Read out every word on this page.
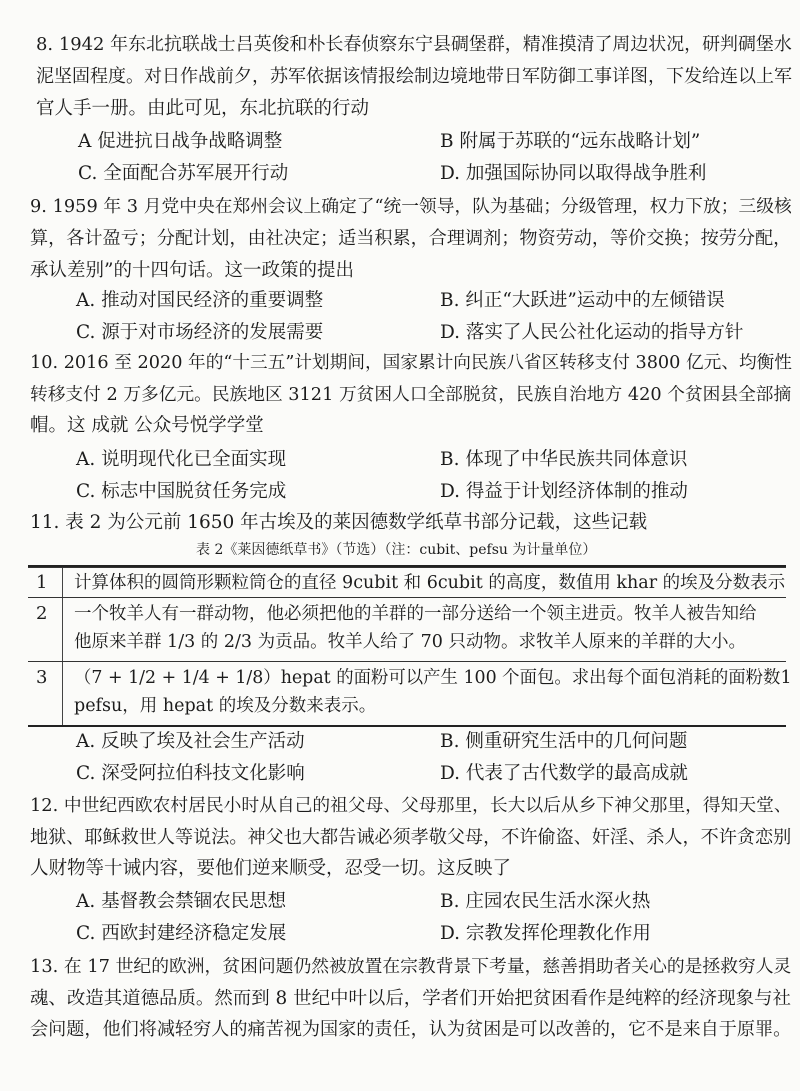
8. 1942 年东北抗联战士吕英俊和朴长春侦察东宁县碉堡群，精准摸清了周边状况，研判碉堡水
泥坚固程度。对日作战前夕，苏军依据该情报绘制边境地带日军防御工事详图，下发给连以上军
官人手一册。由此可见，东北抗联的行动
A 促进抗日战争战略调整	B 附属于苏联的“远东战略计划”
C. 全面配合苏军展开行动	D. 加强国际协同以取得战争胜利
9. 1959 年 3 月党中央在郑州会议上确定了“统一领导，队为基础；分级管理，权力下放；三级核
算，各计盈亏；分配计划，由社决定；适当积累，合理调剂；物资劳动，等价交换；按劳分配，
承认差别”的十四句话。这一政策的提出
A. 推动对国民经济的重要调整	B. 纠正“大跃进”运动中的左倾错误
C. 源于对市场经济的发展需要	D. 落实了人民公社化运动的指导方针
10. 2016 至 2020 年的“十三五”计划期间，国家累计向民族八省区转移支付 3800 亿元、均衡性
转移支付 2 万多亿元。民族地区 3121 万贫困人口全部脱贫，民族自治地方 420 个贫困县全部摘
帽。这 成就 公众号悦学学堂
A. 说明现代化已全面实现	B. 体现了中华民族共同体意识
C. 标志中国脱贫任务完成	D. 得益于计划经济体制的推动
11. 表 2 为公元前 1650 年古埃及的莱因德数学纸草书部分记载，这些记载
表 2《莱因德纸草书》（节选）（注：cubit、pefsu 为计量单位）
1 计算体积的圆筒形颗粒筒仓的直径 9cubit 和 6cubit 的高度，数值用 khar 的埃及分数表示
2 一个牧羊人有一群动物，他必须把他的羊群的一部分送给一个领主进贡。牧羊人被告知给
他原来羊群 1/3 的 2/3 为贡品。牧羊人给了 70 只动物。求牧羊人原来的羊群的大小。
3 （7 + 1/2 + 1/4 + 1/8）hepat 的面粉可以产生 100 个面包。求出每个面包消耗的面粉数1
pefsu，用 hepat 的埃及分数来表示。
A. 反映了埃及社会生产活动	B. 侧重研究生活中的几何问题
C. 深受阿拉伯科技文化影响	D. 代表了古代数学的最高成就
12. 中世纪西欧农村居民小时从自己的祖父母、父母那里，长大以后从乡下神父那里，得知天堂、
地狱、耶稣救世人等说法。神父也大都告诫必须孝敬父母，不许偷盗、奸淫、杀人，不许贪恋别
人财物等十诫内容，要他们逆来顺受，忍受一切。这反映了
A. 基督教会禁锢农民思想	B. 庄园农民生活水深火热
C. 西欧封建经济稳定发展	D. 宗教发挥伦理教化作用
13. 在 17 世纪的欧洲，贫困问题仍然被放置在宗教背景下考量，慈善捐助者关心的是拯救穷人灵
魂、改造其道德品质。然而到 8 世纪中叶以后，学者们开始把贫困看作是纯粹的经济现象与社
会问题，他们将减轻穷人的痛苦视为国家的责任，认为贫困是可以改善的，它不是来自于原罪。
